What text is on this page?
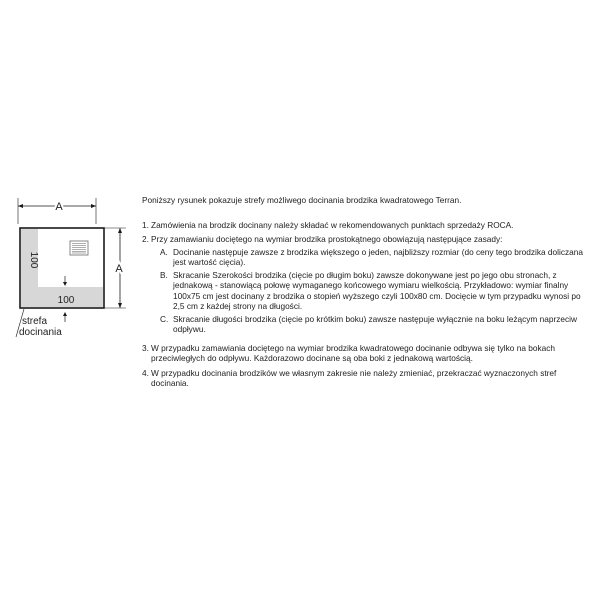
A
A
100
100
strefa
docinania
Poniższy rysunek pokazuje strefy możliwego docinania brodzika kwadratowego Terran.
1. Zamówienia na brodzik docinany należy składać w rekomendowanych punktach sprzedaży ROCA.
2. Przy zamawianiu dociętego na wymiar brodzika prostokątnego obowiązują następujące zasady:
A. Docinanie następuje zawsze z brodzika większego o jeden, najbliższy rozmiar (do ceny tego brodzika doliczana jest wartość cięcia).
B. Skracanie Szerokości brodzika (cięcie po długim boku) zawsze dokonywane jest po jego obu stronach, z jednakową - stanowiącą połowę wymaganego końcowego wymiaru wielkością. Przykładowo: wymiar finalny 100x75 cm jest docinany z brodzika o stopień wyższego czyli 100x80 cm. Docięcie w tym przypadku wynosi po 2,5 cm z każdej strony na długości.
C. Skracanie długości brodzika (cięcie po krótkim boku) zawsze następuje wyłącznie na boku leżącym naprzeciw odpływu.
3. W przypadku zamawiania dociętego na wymiar brodzika kwadratowego docinanie odbywa się tylko na bokach przeciwległych do odpływu. Każdorazowo docinane są oba boki z jednakową wartością.
4. W przypadku docinania brodzików we własnym zakresie nie należy zmieniać, przekraczać wyznaczonych stref docinania.
